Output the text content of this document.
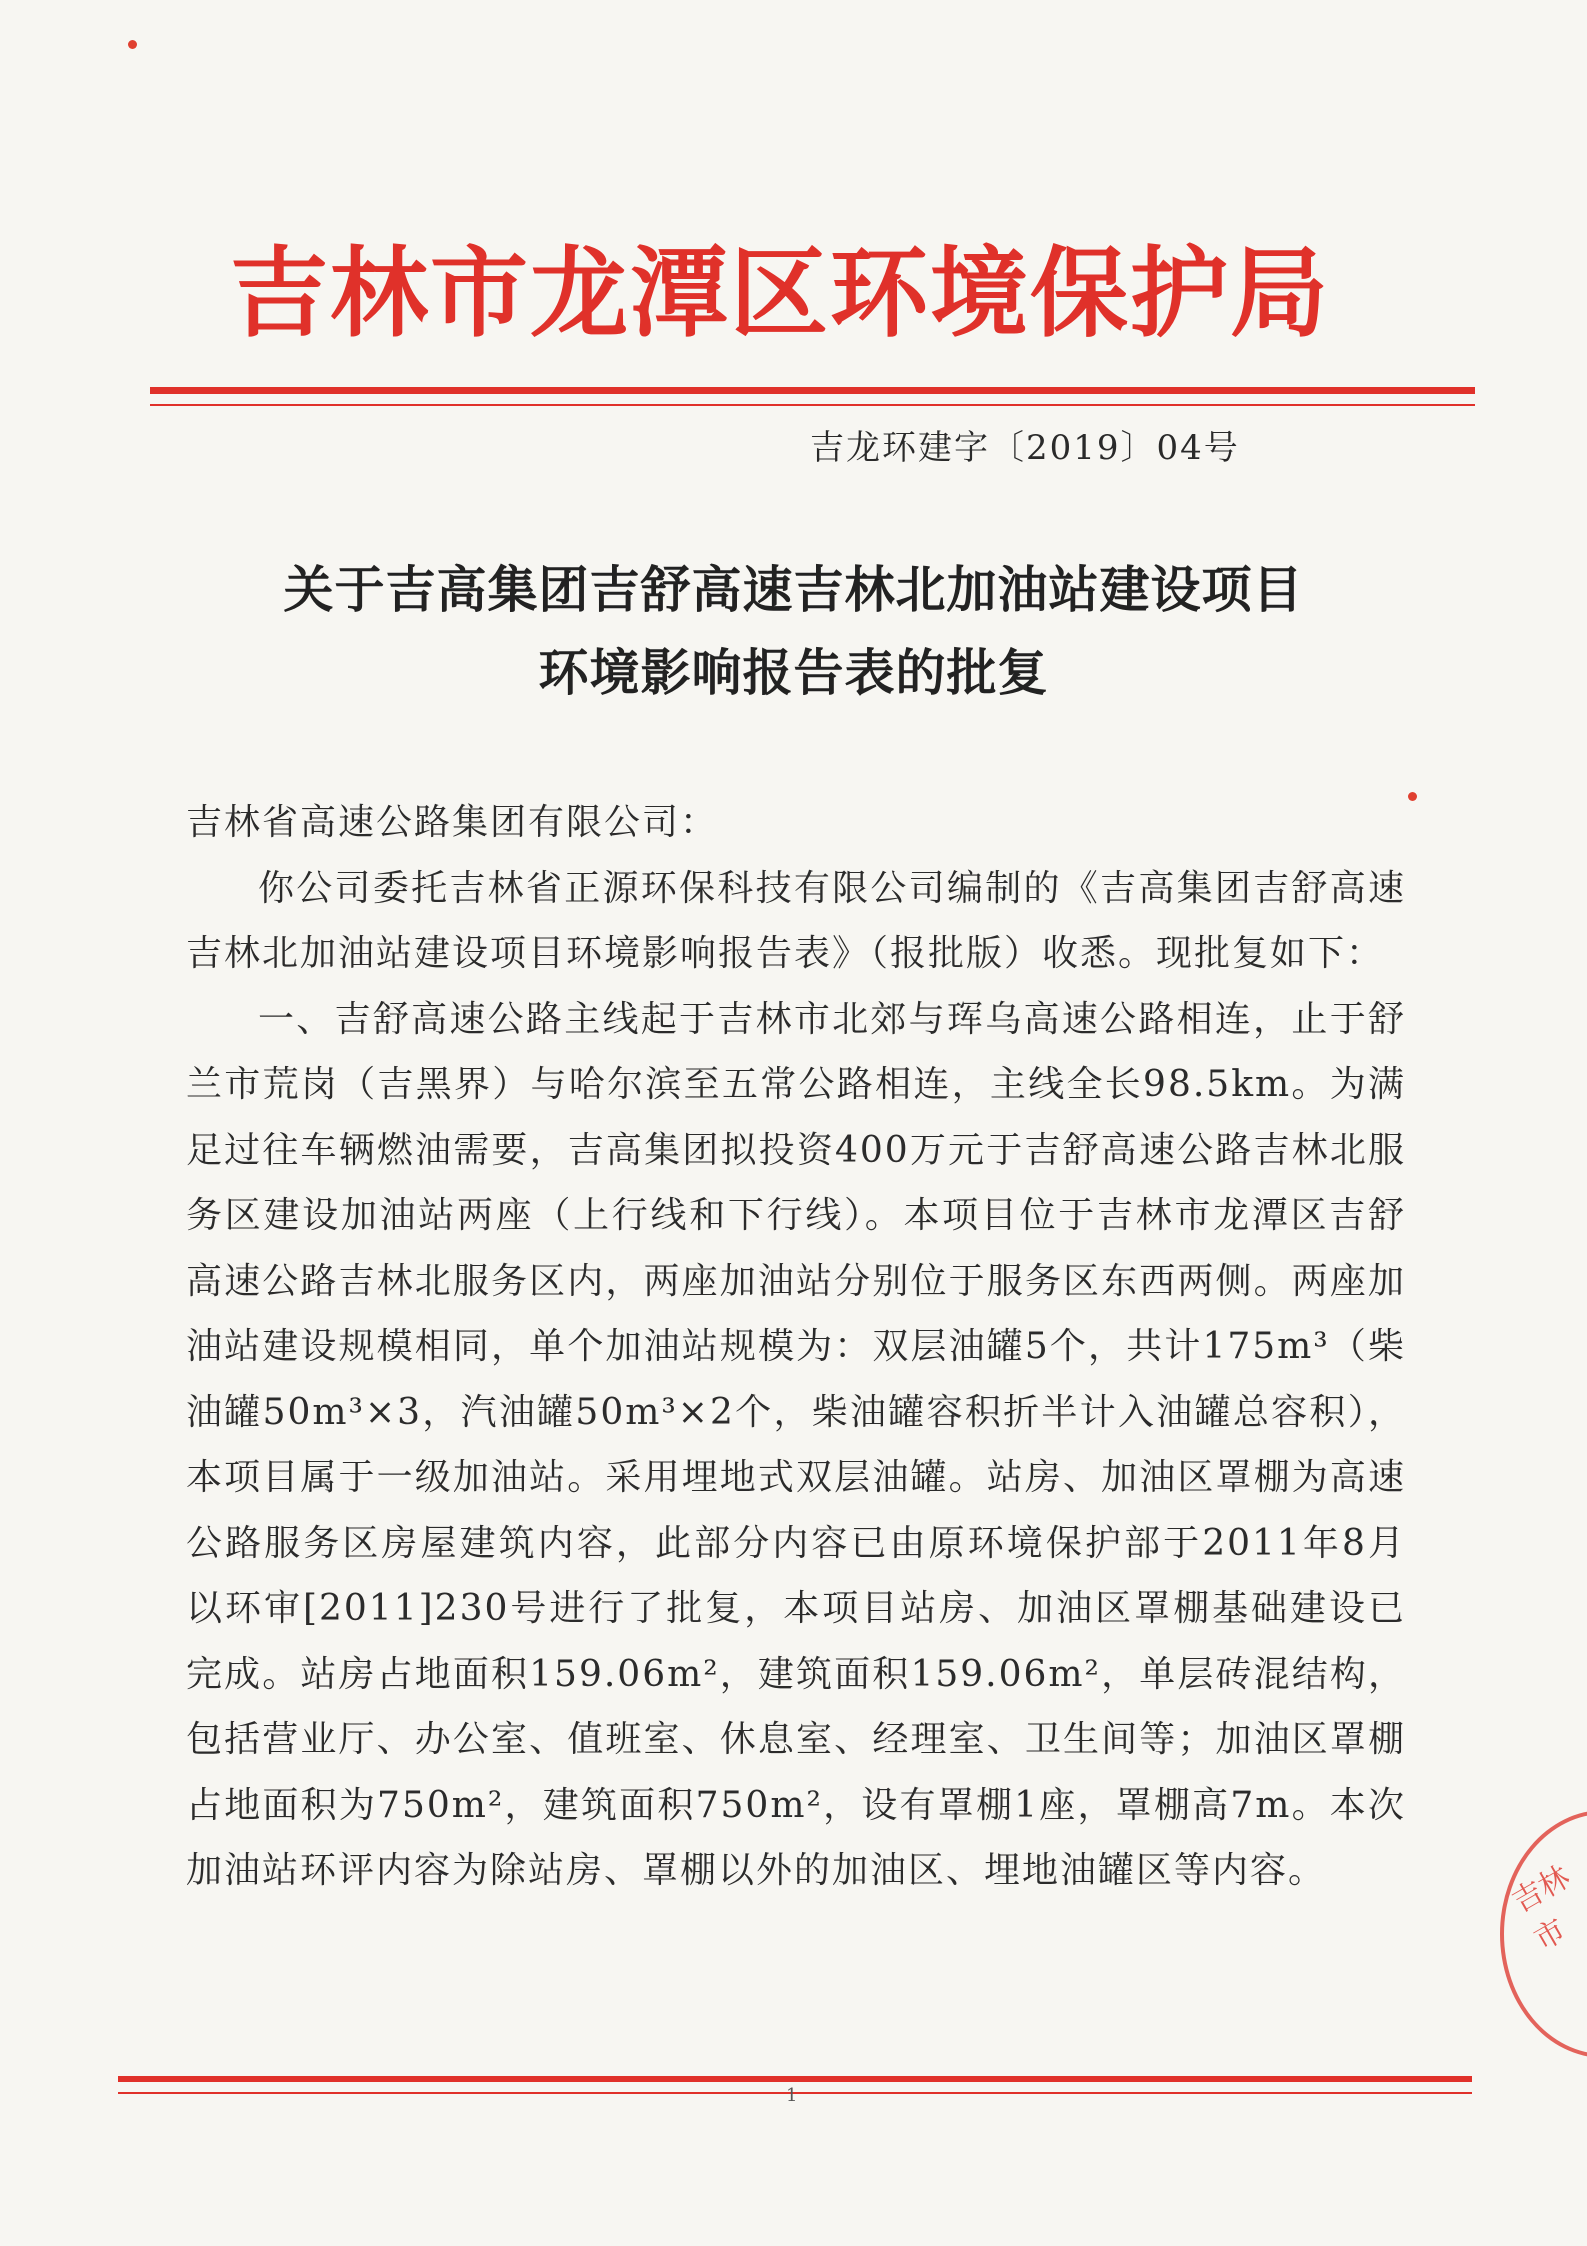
吉林市龙潭区环境保护局
吉龙环建字〔2019〕04号
关于吉高集团吉舒高速吉林北加油站建设项目
环境影响报告表的批复

吉林省高速公路集团有限公司：

你公司委托吉林省正源环保科技有限公司编制的《吉高集团吉舒高速吉林北加油站建设项目环境影响报告表》（报批版）收悉。现批复如下：

一、吉舒高速公路主线起于吉林市北郊与珲乌高速公路相连，止于舒兰市荒岗（吉黑界）与哈尔滨至五常公路相连，主线全长98.5km。为满足过往车辆燃油需要，吉高集团拟投资400万元于吉舒高速公路吉林北服务区建设加油站两座（上行线和下行线）。本项目位于吉林市龙潭区吉舒高速公路吉林北服务区内，两座加油站分别位于服务区东西两侧。两座加油站建设规模相同，单个加油站规模为：双层油罐5个，共计175m³（柴油罐50m³×3，汽油罐50m³×2个，柴油罐容积折半计入油罐总容积），本项目属于一级加油站。采用埋地式双层油罐。站房、加油区罩棚为高速公路服务区房屋建筑内容，此部分内容已由原环境保护部于2011年8月以环审[2011]230号进行了批复，本项目站房、加油区罩棚基础建设已完成。站房占地面积159.06m²，建筑面积159.06m²，单层砖混结构，包括营业厅、办公室、值班室、休息室、经理室、卫生间等；加油区罩棚占地面积为750m²，建筑面积750m²，设有罩棚1座，罩棚高7m。本次加油站环评内容为除站房、罩棚以外的加油区、埋地油罐区等内容。	吉林市
1
